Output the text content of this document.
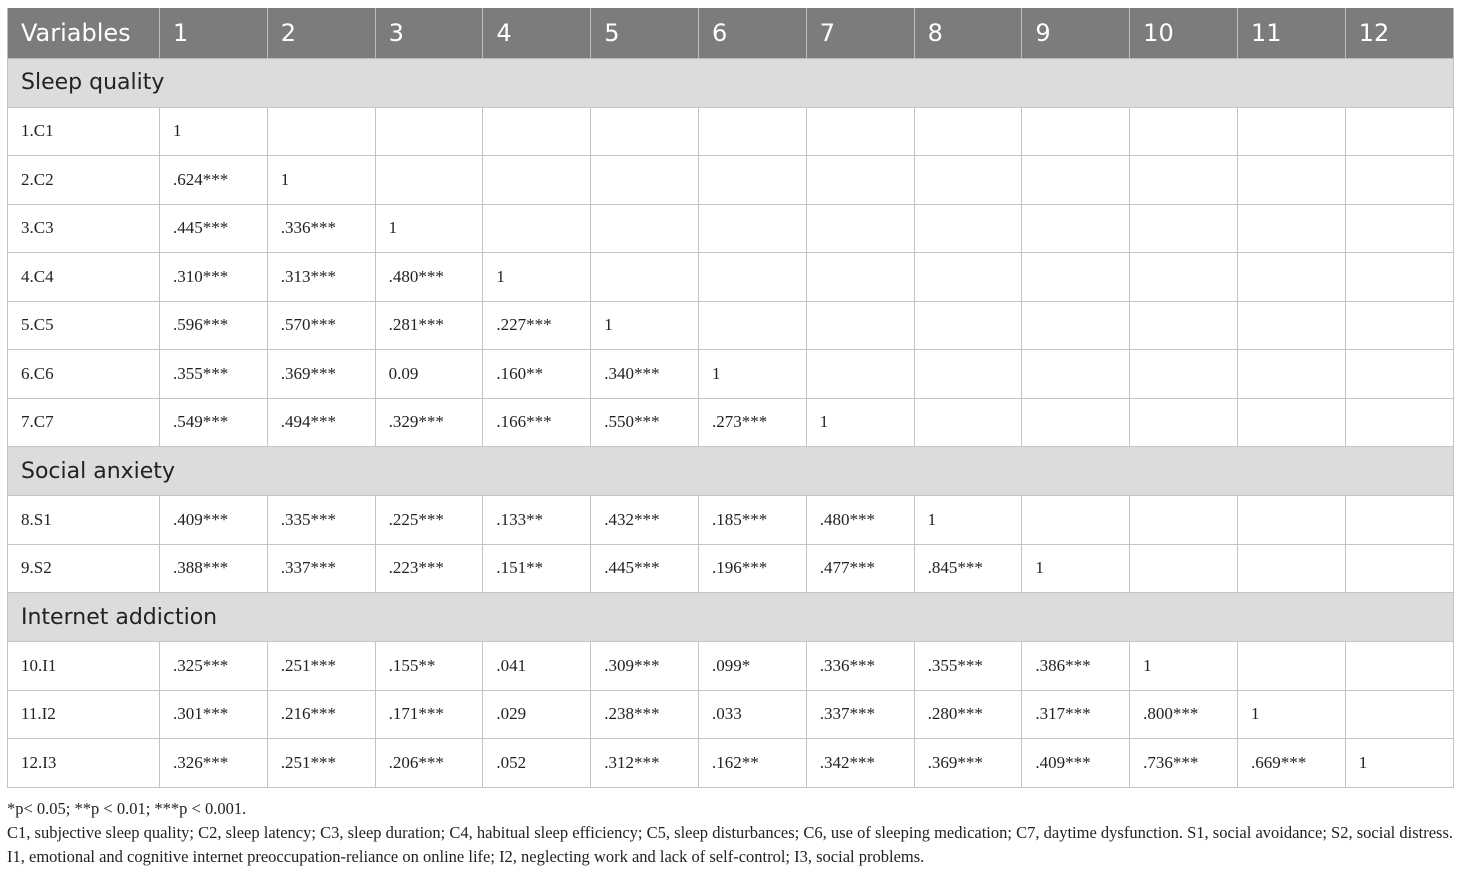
Variables	1	2	3	4	5	6	7	8	9	10	11	12
Sleep quality												
1.C1	1											
2.C2	.624***	1										
3.C3	.445***	.336***	1									
4.C4	.310***	.313***	.480***	1								
5.C5	.596***	.570***	.281***	.227***	1							
6.C6	.355***	.369***	0.09	.160**	.340***	1						
7.C7	.549***	.494***	.329***	.166***	.550***	.273***	1					
Social anxiety												
8.S1	.409***	.335***	.225***	.133**	.432***	.185***	.480***	1				
9.S2	.388***	.337***	.223***	.151**	.445***	.196***	.477***	.845***	1			
Internet addiction												
10.I1	.325***	.251***	.155**	.041	.309***	.099*	.336***	.355***	.386***	1		
11.I2	.301***	.216***	.171***	.029	.238***	.033	.337***	.280***	.317***	.800***	1	
12.I3	.326***	.251***	.206***	.052	.312***	.162**	.342***	.369***	.409***	.736***	.669***	1

*p< 0.05; **p < 0.01; ***p < 0.001.

C1, subjective sleep quality; C2, sleep latency; C3, sleep duration; C4, habitual sleep efficiency; C5, sleep disturbances; C6, use of sleeping medication; C7, daytime dysfunction. S1, social avoidance; S2, social distress. I1, emotional and cognitive internet preoccupation-reliance on online life; I2, neglecting work and lack of self-control; I3, social problems.
